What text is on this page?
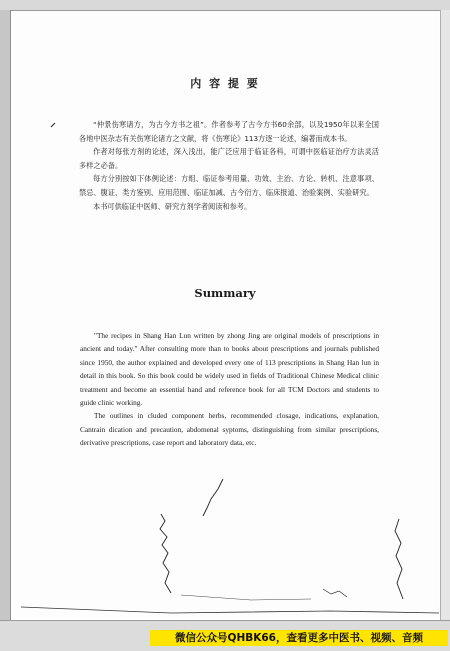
内 容 提 要

“仲景伤寒诸方，为古今方书之祖”。作者参考了古今方书60余部，以及1950年以来全国各地中医杂志有关伤寒论诸方之文献，将《伤寒论》113方逐一论述，编著而成本书。

作者对每张方剂的论述，深入浅出，能广泛应用于临证各科，可谓中医临证治疗方法灵活多样之必备。

每方分别按如下体例论述：方组、临证参考用量、功效、主治、方论、转机、注意事项、禁忌、腹证、类方鉴别、应用范围、临证加减、古今衍方、临床报道、治验案例、实验研究。

本书可供临证中医师、研究方剂学者阅读和参考。

Summary

"The recipes in Shang Han Lun written by zhong Jing are original models of prescriptions in ancient and today." After consulting more than to books about prescriptions and journals published since 1950, the author explained and developed every one of 113 prescriptions in Shang Han lun in detail in this book. So this book could be widely used in fields of Traditional Chinese Medical clinic treatment and become an essential hand and reference book for all TCM Doctors and students to guide clinic working.

The outlines in cluded component herbs, recommended closage, indications, explanation, Cantrain dication and precaution, abdomenal syptoms, distinguishing from similar prescriptions, derivative prescriptions, case report and laboratory data, etc.

微信公众号QHBK66，查看更多中医书、视频、音频
